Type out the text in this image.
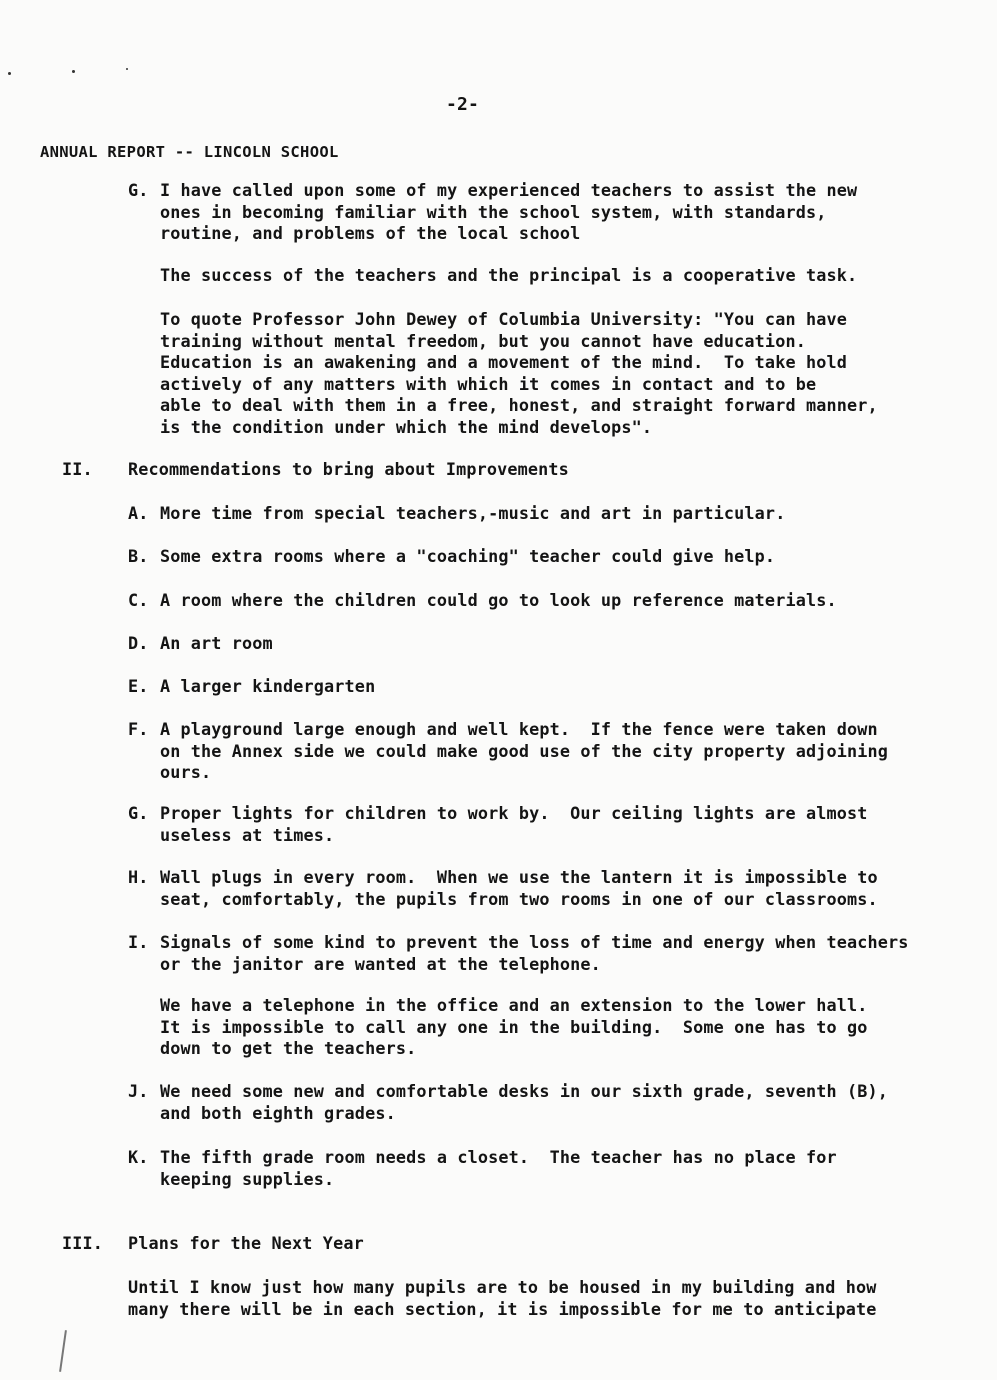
-2-
ANNUAL REPORT -- LINCOLN SCHOOL
G. I have called upon some of my experienced teachers to assist the new
ones in becoming familiar with the school system, with standards,
routine, and problems of the local school
The success of the teachers and the principal is a cooperative task.
To quote Professor John Dewey of Columbia University: "You can have
training without mental freedom, but you cannot have education.
Education is an awakening and a movement of the mind.  To take hold
actively of any matters with which it comes in contact and to be
able to deal with them in a free, honest, and straight forward manner,
is the condition under which the mind develops".
II. Recommendations to bring about Improvements
A. More time from special teachers,-music and art in particular.
B. Some extra rooms where a "coaching" teacher could give help.
C. A room where the children could go to look up reference materials.
D. An art room
E. A larger kindergarten
F. A playground large enough and well kept.  If the fence were taken down
on the Annex side we could make good use of the city property adjoining
ours.
G. Proper lights for children to work by.  Our ceiling lights are almost
useless at times.
H. Wall plugs in every room.  When we use the lantern it is impossible to
seat, comfortably, the pupils from two rooms in one of our classrooms.
I. Signals of some kind to prevent the loss of time and energy when teachers
or the janitor are wanted at the telephone.
We have a telephone in the office and an extension to the lower hall.
It is impossible to call any one in the building.  Some one has to go
down to get the teachers.
J. We need some new and comfortable desks in our sixth grade, seventh (B),
and both eighth grades.
K. The fifth grade room needs a closet.  The teacher has no place for
keeping supplies.
III. Plans for the Next Year
Until I know just how many pupils are to be housed in my building and how
many there will be in each section, it is impossible for me to anticipate
